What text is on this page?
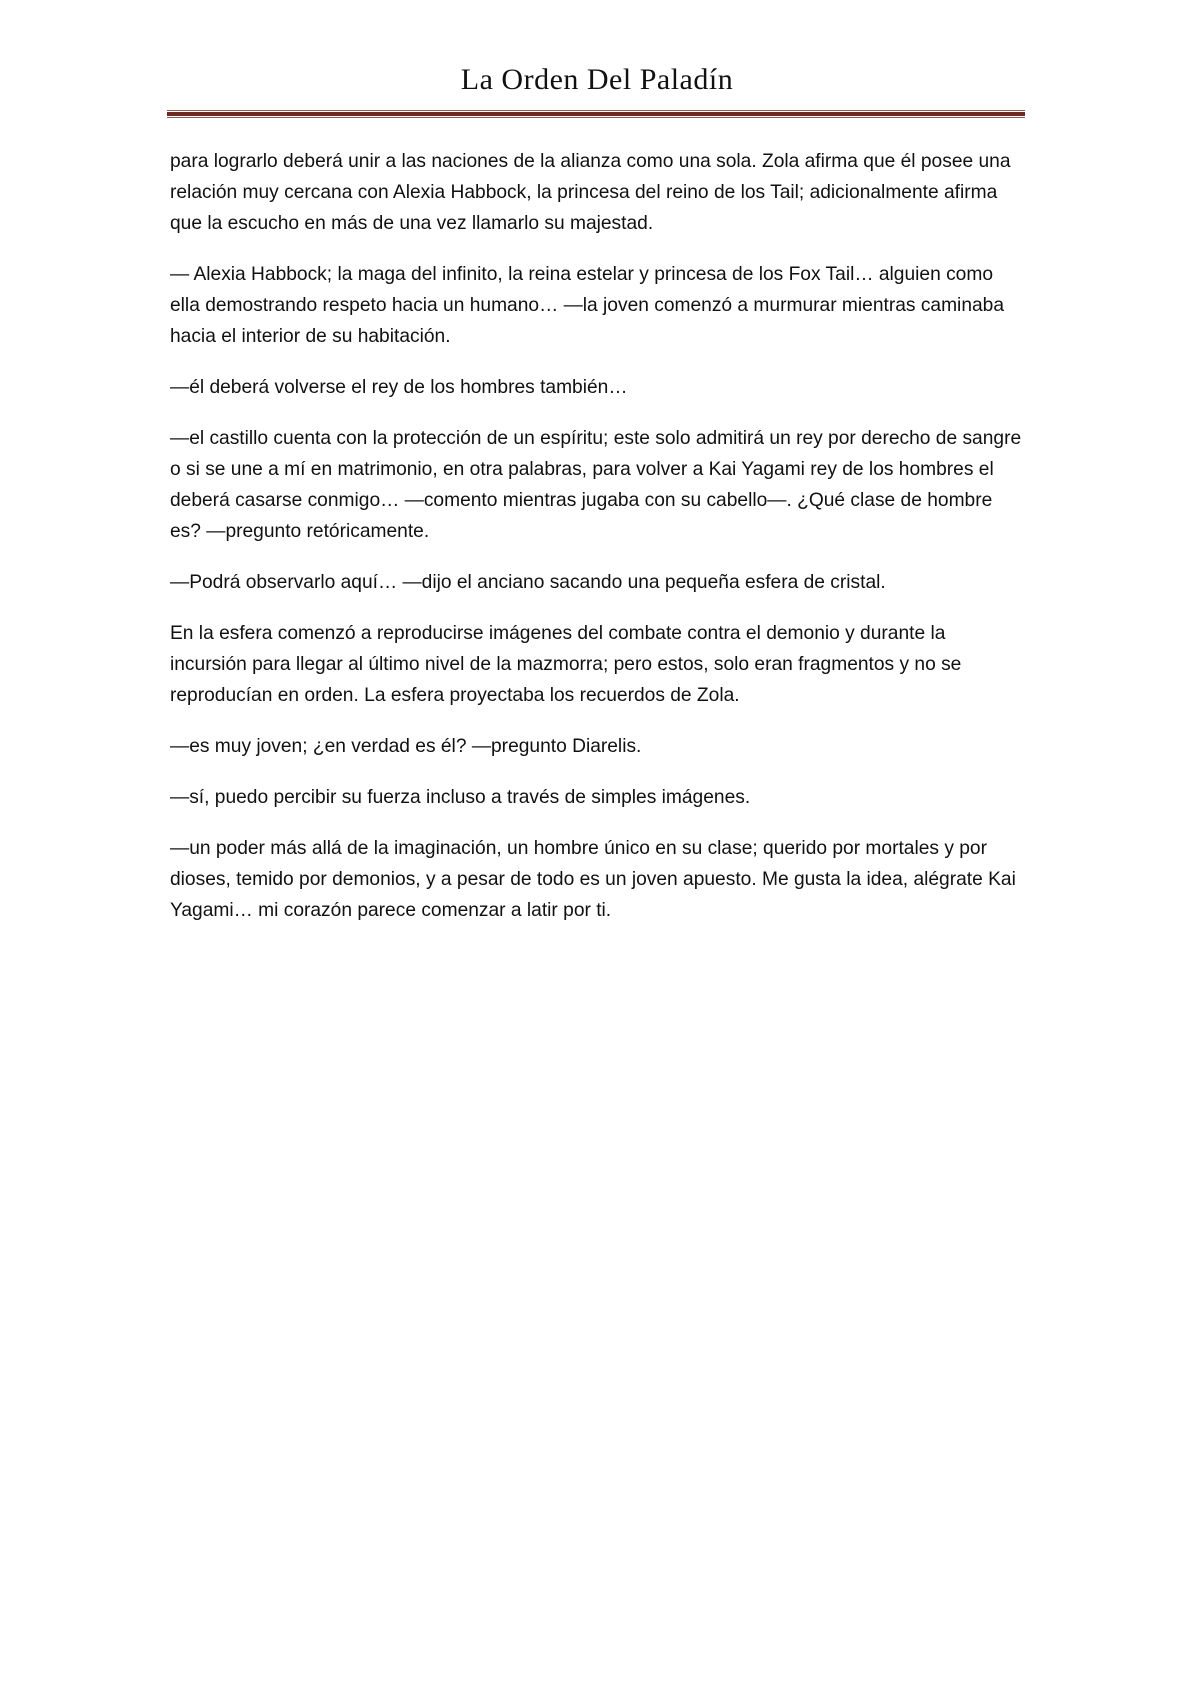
La Orden Del Paladín

para lograrlo deberá unir a las naciones de la alianza como una sola. Zola afirma que él posee una relación muy cercana con Alexia Habbock, la princesa del reino de los Tail; adicionalmente afirma que la escucho en más de una vez llamarlo su majestad.

— Alexia Habbock; la maga del infinito, la reina estelar y princesa de los Fox Tail… alguien como ella demostrando respeto hacia un humano… —la joven comenzó a murmurar mientras caminaba hacia el interior de su habitación.

—él deberá volverse el rey de los hombres también…

—el castillo cuenta con la protección de un espíritu; este solo admitirá un rey por derecho de sangre o si se une a mí en matrimonio, en otra palabras, para volver a Kai Yagami rey de los hombres el deberá casarse conmigo… —comento mientras jugaba con su cabello—. ¿Qué clase de hombre es? —pregunto retóricamente.

—Podrá observarlo aquí… —dijo el anciano sacando una pequeña esfera de cristal.

En la esfera comenzó a reproducirse imágenes del combate contra el demonio y durante la incursión para llegar al último nivel de la mazmorra; pero estos, solo eran fragmentos y no se reproducían en orden. La esfera proyectaba los recuerdos de Zola.

—es muy joven; ¿en verdad es él? —pregunto Diarelis.

—sí, puedo percibir su fuerza incluso a través de simples imágenes.

—un poder más allá de la imaginación, un hombre único en su clase; querido por mortales y por dioses, temido por demonios, y a pesar de todo es un joven apuesto. Me gusta la idea, alégrate Kai Yagami… mi corazón parece comenzar a latir por ti.
